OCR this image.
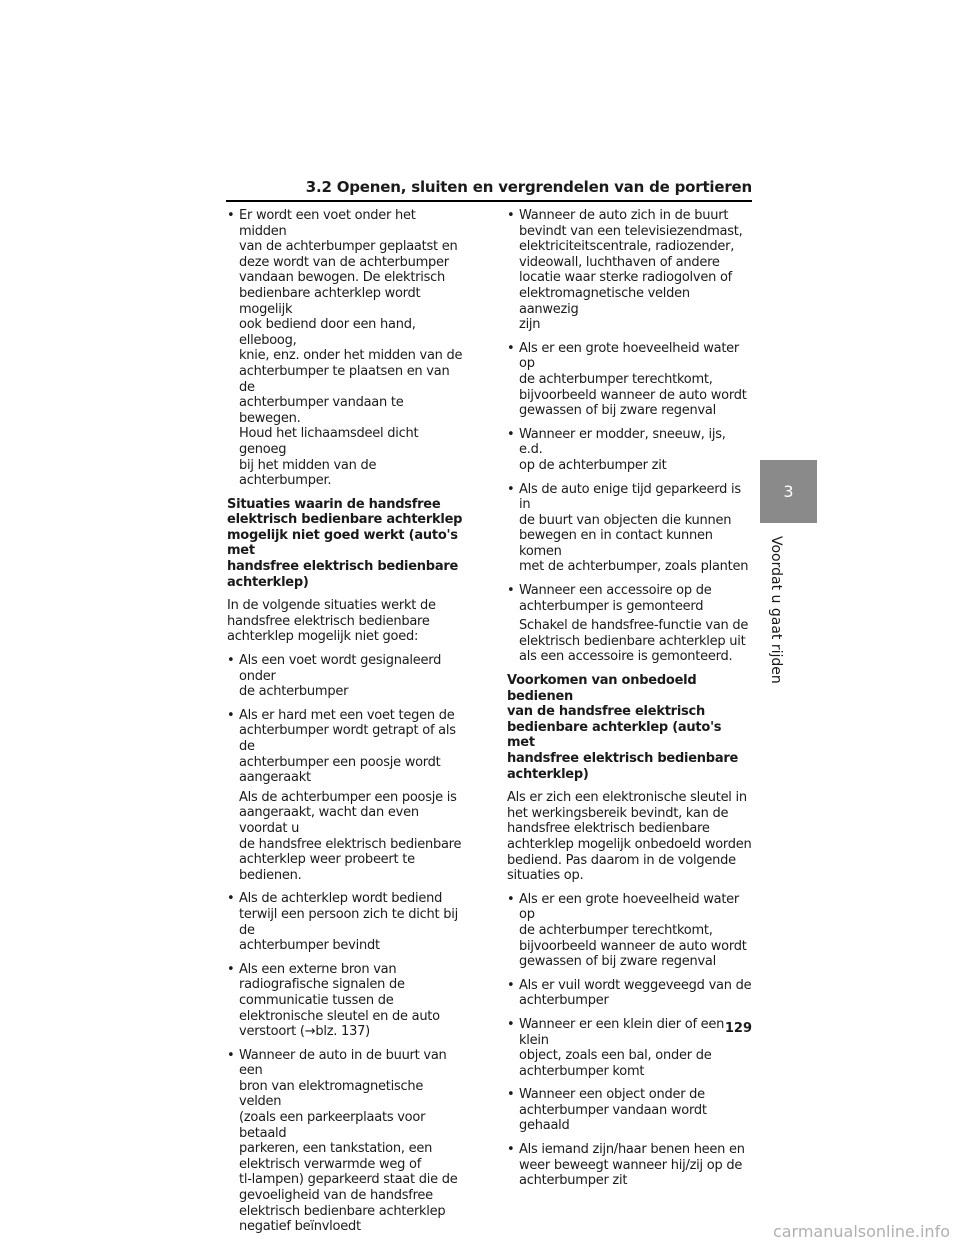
3.2 Openen, sluiten en vergrendelen van de portieren
• Er wordt een voet onder het midden
van de achterbumper geplaatst en
deze wordt van de achterbumper
vandaan bewogen. De elektrisch
bedienbare achterklep wordt mogelijk
ook bediend door een hand, elleboog,
knie, enz. onder het midden van de
achterbumper te plaatsen en van de
achterbumper vandaan te bewegen.
Houd het lichaamsdeel dicht genoeg
bij het midden van de achterbumper.
Situaties waarin de handsfree
elektrisch bedienbare achterklep
mogelijk niet goed werkt (auto's met
handsfree elektrisch bedienbare
achterklep)
In de volgende situaties werkt de
handsfree elektrisch bedienbare
achterklep mogelijk niet goed:
• Als een voet wordt gesignaleerd onder
de achterbumper
• Als er hard met een voet tegen de
achterbumper wordt getrapt of als de
achterbumper een poosje wordt
aangeraakt
Als de achterbumper een poosje is
aangeraakt, wacht dan even voordat u
de handsfree elektrisch bedienbare
achterklep weer probeert te bedienen.
• Als de achterklep wordt bediend
terwijl een persoon zich te dicht bij de
achterbumper bevindt
• Als een externe bron van
radiografische signalen de
communicatie tussen de
elektronische sleutel en de auto
verstoort (→blz. 137)
• Wanneer de auto in de buurt van een
bron van elektromagnetische velden
(zoals een parkeerplaats voor betaald
parkeren, een tankstation, een
elektrisch verwarmde weg of
tl-lampen) geparkeerd staat die de
gevoeligheid van de handsfree
elektrisch bedienbare achterklep
negatief beïnvloedt
• Wanneer de auto zich in de buurt
bevindt van een televisiezendmast,
elektriciteitscentrale, radiozender,
videowall, luchthaven of andere
locatie waar sterke radiogolven of
elektromagnetische velden aanwezig
zijn
• Als er een grote hoeveelheid water op
de achterbumper terechtkomt,
bijvoorbeeld wanneer de auto wordt
gewassen of bij zware regenval
• Wanneer er modder, sneeuw, ijs, e.d.
op de achterbumper zit
• Als de auto enige tijd geparkeerd is in
de buurt van objecten die kunnen
bewegen en in contact kunnen komen
met de achterbumper, zoals planten
• Wanneer een accessoire op de
achterbumper is gemonteerd
Schakel de handsfree-functie van de
elektrisch bedienbare achterklep uit
als een accessoire is gemonteerd.
Voorkomen van onbedoeld bedienen
van de handsfree elektrisch
bedienbare achterklep (auto's met
handsfree elektrisch bedienbare
achterklep)
Als er zich een elektronische sleutel in
het werkingsbereik bevindt, kan de
handsfree elektrisch bedienbare
achterklep mogelijk onbedoeld worden
bediend. Pas daarom in de volgende
situaties op.
• Als er een grote hoeveelheid water op
de achterbumper terechtkomt,
bijvoorbeeld wanneer de auto wordt
gewassen of bij zware regenval
• Als er vuil wordt weggeveegd van de
achterbumper
• Wanneer er een klein dier of een klein
object, zoals een bal, onder de
achterbumper komt
• Wanneer een object onder de
achterbumper vandaan wordt gehaald
• Als iemand zijn/haar benen heen en
weer beweegt wanneer hij/zij op de
achterbumper zit
3
Voordat u gaat rijden
129
carmanualsonline.info
